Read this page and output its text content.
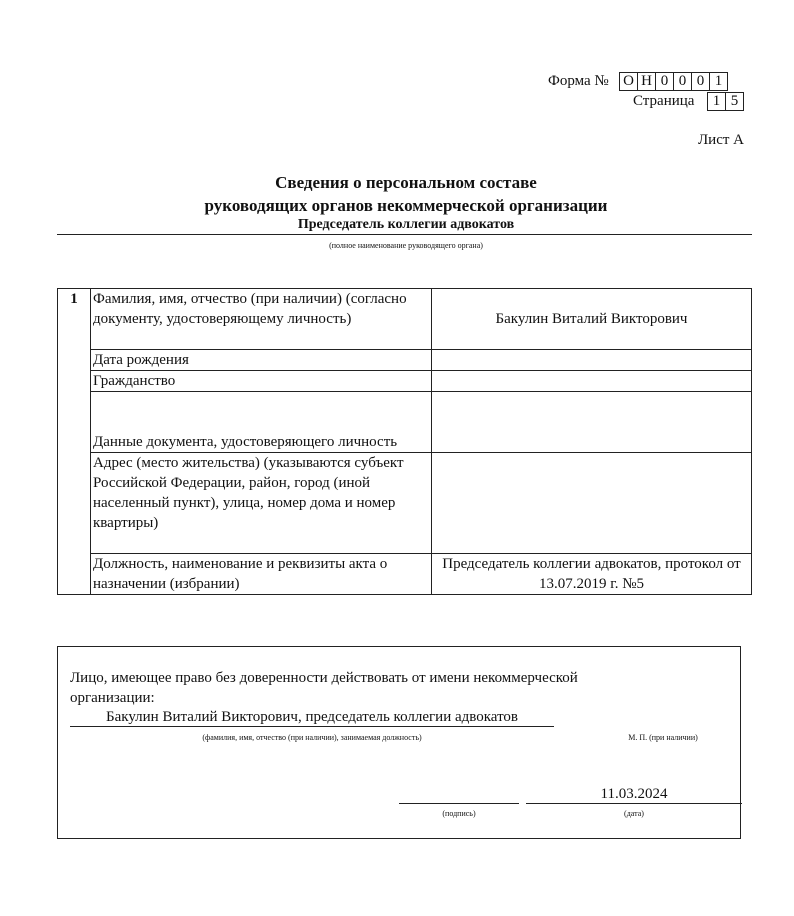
Форма № О Н 0 0 0 1
Страница	1 5
Лист А
Сведения о персональном составе
руководящих органов некоммерческой организации
Председатель коллегии адвокатов
(полное наименование руководящего органа)
1	Фамилия, имя, отчество (при наличии) (согласно документу, удостоверяющему личность)	Бакулин Виталий Викторович
	Дата рождения	
	Гражданство	
	Данные документа, удостоверяющего личность	
	Адрес (место жительства) (указываются субъект Российской Федерации, район, город (иной населенный пункт), улица, номер дома и номер квартиры)	
	Должность, наименование и реквизиты акта о назначении (избрании)	Председатель коллегии адвокатов, протокол от 13.07.2019 г. №5
Лицо, имеющее право без доверенности действовать от имени некоммерческой организации:
Бакулин Виталий Викторович, председатель коллегии адвокатов
(фамилия, имя, отчество (при наличии), занимаемая должность)	М. П. (при наличии)
(подпись)
11.03.2024
(дата)
